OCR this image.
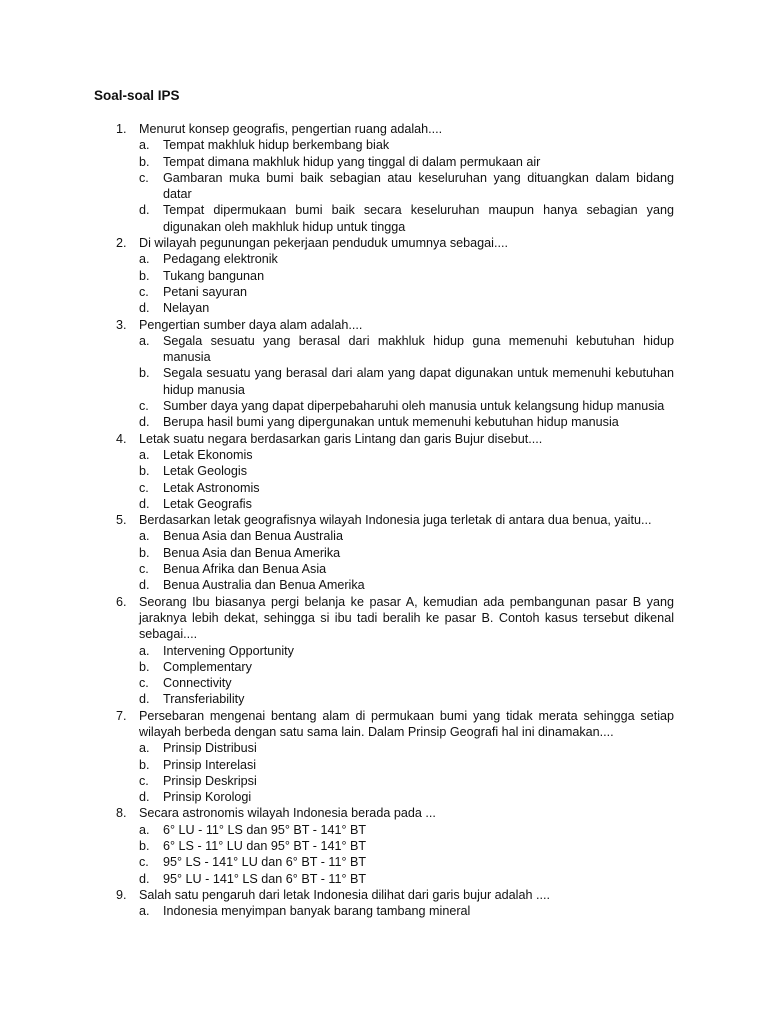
Soal-soal IPS
1. Menurut konsep geografis, pengertian ruang adalah....
a. Tempat makhluk hidup berkembang biak
b. Tempat dimana makhluk hidup yang tinggal di dalam permukaan air
c. Gambaran muka bumi baik sebagian atau keseluruhan yang dituangkan dalam bidang datar
d. Tempat dipermukaan bumi baik secara keseluruhan maupun hanya sebagian yang digunakan oleh makhluk hidup untuk tingga
2. Di wilayah pegunungan pekerjaan penduduk umumnya sebagai....
a. Pedagang elektronik
b. Tukang bangunan
c. Petani sayuran
d. Nelayan
3. Pengertian sumber daya alam adalah....
a. Segala sesuatu yang berasal dari makhluk hidup guna memenuhi kebutuhan hidup manusia
b. Segala sesuatu yang berasal dari alam yang dapat digunakan untuk memenuhi kebutuhan hidup manusia
c. Sumber daya yang dapat diperpebaharuhi oleh manusia untuk kelangsung hidup manusia
d. Berupa hasil bumi yang dipergunakan untuk memenuhi kebutuhan hidup manusia
4. Letak suatu negara berdasarkan garis Lintang dan garis Bujur disebut....
a. Letak Ekonomis
b. Letak Geologis
c. Letak Astronomis
d. Letak Geografis
5. Berdasarkan letak geografisnya wilayah Indonesia juga terletak di antara dua benua, yaitu...
a. Benua Asia dan Benua Australia
b. Benua Asia dan Benua Amerika
c. Benua Afrika dan Benua Asia
d. Benua Australia dan Benua Amerika
6. Seorang Ibu biasanya pergi belanja ke pasar A, kemudian ada pembangunan pasar B yang jaraknya lebih dekat, sehingga si ibu tadi beralih ke pasar B. Contoh kasus tersebut dikenal sebagai....
a. Intervening Opportunity
b. Complementary
c. Connectivity
d. Transferiability
7. Persebaran mengenai bentang alam di permukaan bumi yang tidak merata sehingga setiap wilayah berbeda dengan satu sama lain. Dalam Prinsip Geografi hal ini dinamakan....
a. Prinsip Distribusi
b. Prinsip Interelasi
c. Prinsip Deskripsi
d. Prinsip Korologi
8. Secara astronomis wilayah Indonesia berada pada ...
a. 6° LU - 11° LS dan 95° BT - 141° BT
b. 6° LS - 11° LU dan 95° BT - 141° BT
c. 95° LS - 141° LU dan 6° BT - 11° BT
d. 95° LU - 141° LS dan 6° BT - 11° BT
9. Salah satu pengaruh dari letak Indonesia dilihat dari garis bujur adalah ....
a. Indonesia menyimpan banyak barang tambang mineral
